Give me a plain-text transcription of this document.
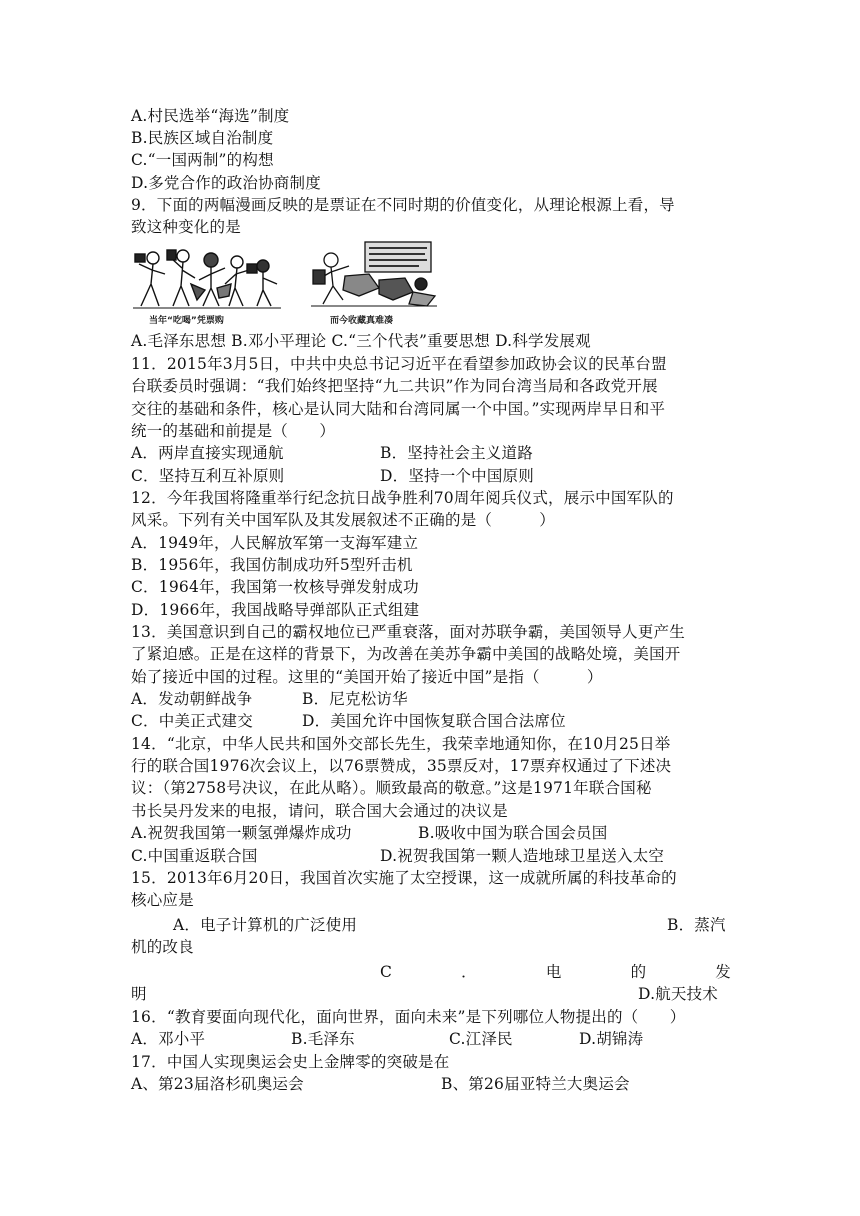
A.村民选举“海选”制度
B.民族区域自治制度
C.“一国两制”的构想
D.多党合作的政治协商制度
9．下面的两幅漫画反映的是票证在不同时期的价值变化，从理论根源上看，导
致这种变化的是
当年“吃喝”凭票购	而今收藏真难凑
A.毛泽东思想 B.邓小平理论 C.“三个代表”重要思想 D.科学发展观
11．2015年3月5日，中共中央总书记习近平在看望参加政协会议的民革台盟
台联委员时强调：“我们始终把坚持“九二共识”作为同台湾当局和各政党开展
交往的基础和条件，核心是认同大陆和台湾同属一个中国。”实现两岸早日和平
统一的基础和前提是（　　）
A．两岸直接实现通航	B．坚持社会主义道路
C．坚持互利互补原则	D．坚持一个中国原则
12．今年我国将隆重举行纪念抗日战争胜利70周年阅兵仪式，展示中国军队的
风采。下列有关中国军队及其发展叙述不正确的是（　　　）
A．1949年，人民解放军第一支海军建立
B．1956年，我国仿制成功歼5型歼击机
C．1964年，我国第一枚核导弹发射成功
D．1966年，我国战略导弹部队正式组建
13．美国意识到自己的霸权地位已严重衰落，面对苏联争霸，美国领导人更产生
了紧迫感。正是在这样的背景下，为改善在美苏争霸中美国的战略处境，美国开
始了接近中国的过程。这里的“美国开始了接近中国”是指（　　　）
A．发动朝鲜战争	B．尼克松访华
C．中美正式建交	D．美国允许中国恢复联合国合法席位
14．“北京，中华人民共和国外交部长先生，我荣幸地通知你，在10月25日举
行的联合国1976次会议上，以76票赞成，35票反对，17票弃权通过了下述决
议：（第2758号决议，在此从略）。顺致最高的敬意。”这是1971年联合国秘
书长吴丹发来的电报，请问，联合国大会通过的决议是
A.祝贺我国第一颗氢弹爆炸成功	B.吸收中国为联合国会员国
C.中国重返联合国	D.祝贺我国第一颗人造地球卫星送入太空
15．2013年6月20日，我国首次实施了太空授课，这一成就所属的科技革命的
核心应是
A．电子计算机的广泛使用	B．蒸汽
机的改良
C	．	电	的	发
明	D.航天技术
16．“教育要面向现代化，面向世界，面向未来”是下列哪位人物提出的（　　）
A．邓小平	B.毛泽东	C.江泽民	D.胡锦涛
17．中国人实现奥运会史上金牌零的突破是在
A、第23届洛杉矶奥运会	B、第26届亚特兰大奥运会
